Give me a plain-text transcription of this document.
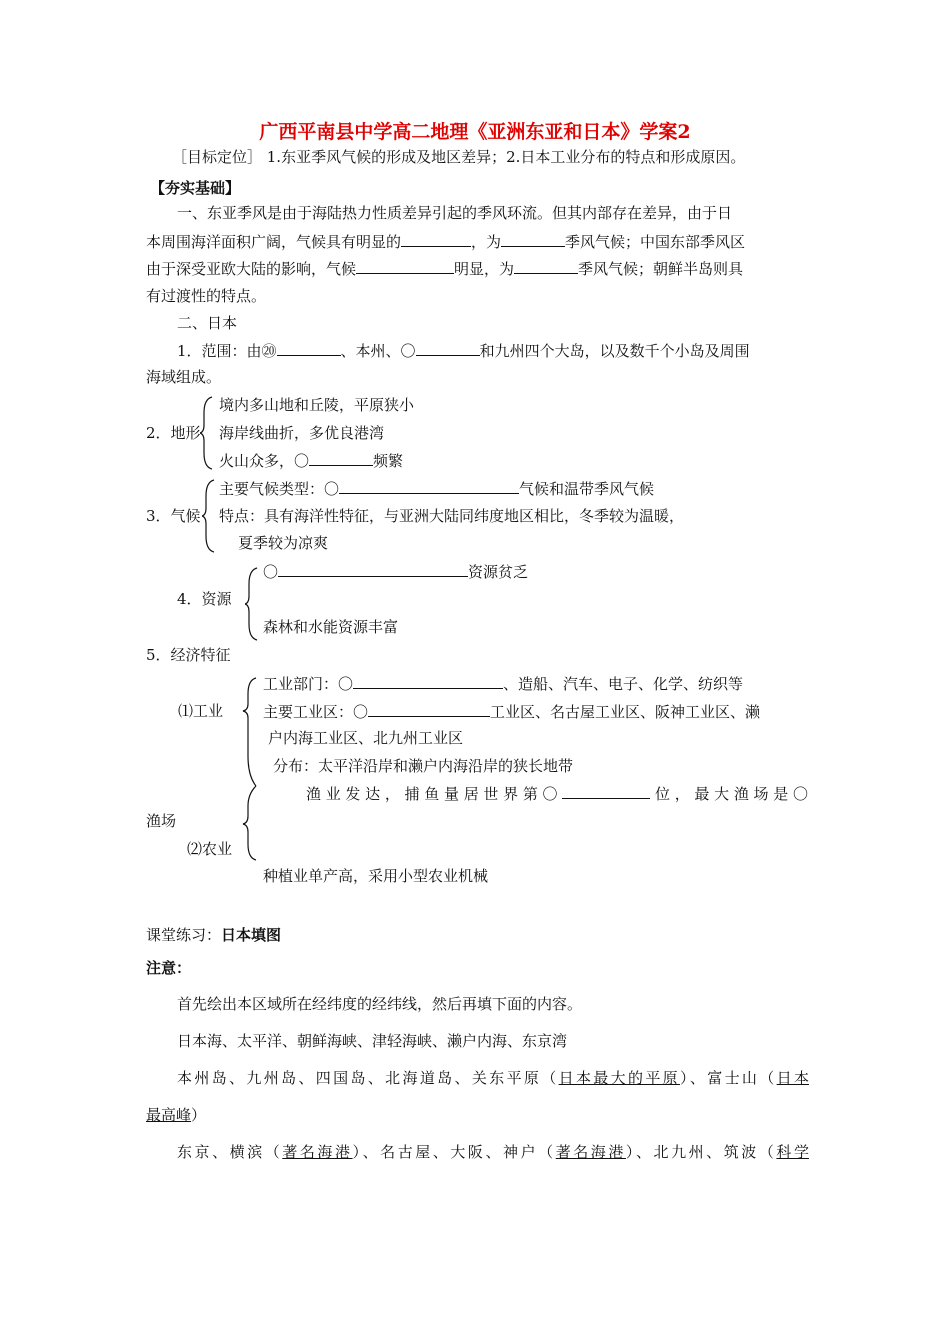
广西平南县中学高二地理《亚洲东亚和日本》学案2
［目标定位］ 1.东亚季风气候的形成及地区差异；2.日本工业分布的特点和形成原因。
【夯实基础】
一、东亚季风是由于海陆热力性质差异引起的季风环流。但其内部存在差异，由于日
本周围海洋面积广阔，气候具有明显的	，为	季风气候；中国东部季风区
由于深受亚欧大陆的影响，气候	明显，为	季风气候；朝鲜半岛则具
有过渡性的特点。
二、日本
1．范围：由⑳	、本州、〇	和九州四个大岛，以及数千个小岛及周围
海域组成。
2．地形
境内多山地和丘陵，平原狭小
海岸线曲折，多优良港湾
火山众多，〇	频繁
3．气候
主要气候类型：〇	气候和温带季风气候
特点：具有海洋性特征，与亚洲大陆同纬度地区相比，冬季较为温暖，
夏季较为凉爽
4．资源
〇	资源贫乏
森林和水能资源丰富
5．经济特征
⑴工业
工业部门：〇	、造船、汽车、电子、化学、纺织等
主要工业区：〇	工业区、名古屋工业区、阪神工业区、濑
户内海工业区、北九州工业区
分布：太平洋沿岸和濑户内海沿岸的狭长地带
渔业发达，捕鱼量居世界第〇	位，最大渔场是〇
渔场
⑵农业
种植业单产高，采用小型农业机械
课堂练习：日本填图
注意：
首先绘出本区域所在经纬度的经纬线，然后再填下面的内容。
日本海、太平洋、朝鲜海峡、津轻海峡、濑户内海、东京湾
本州岛、九州岛、四国岛、北海道岛、关东平原（日本最大的平原）、富士山（日本
最高峰）
东京、横滨（著名海港）、名古屋、大阪、神户（著名海港）、北九州、筑波（科学
